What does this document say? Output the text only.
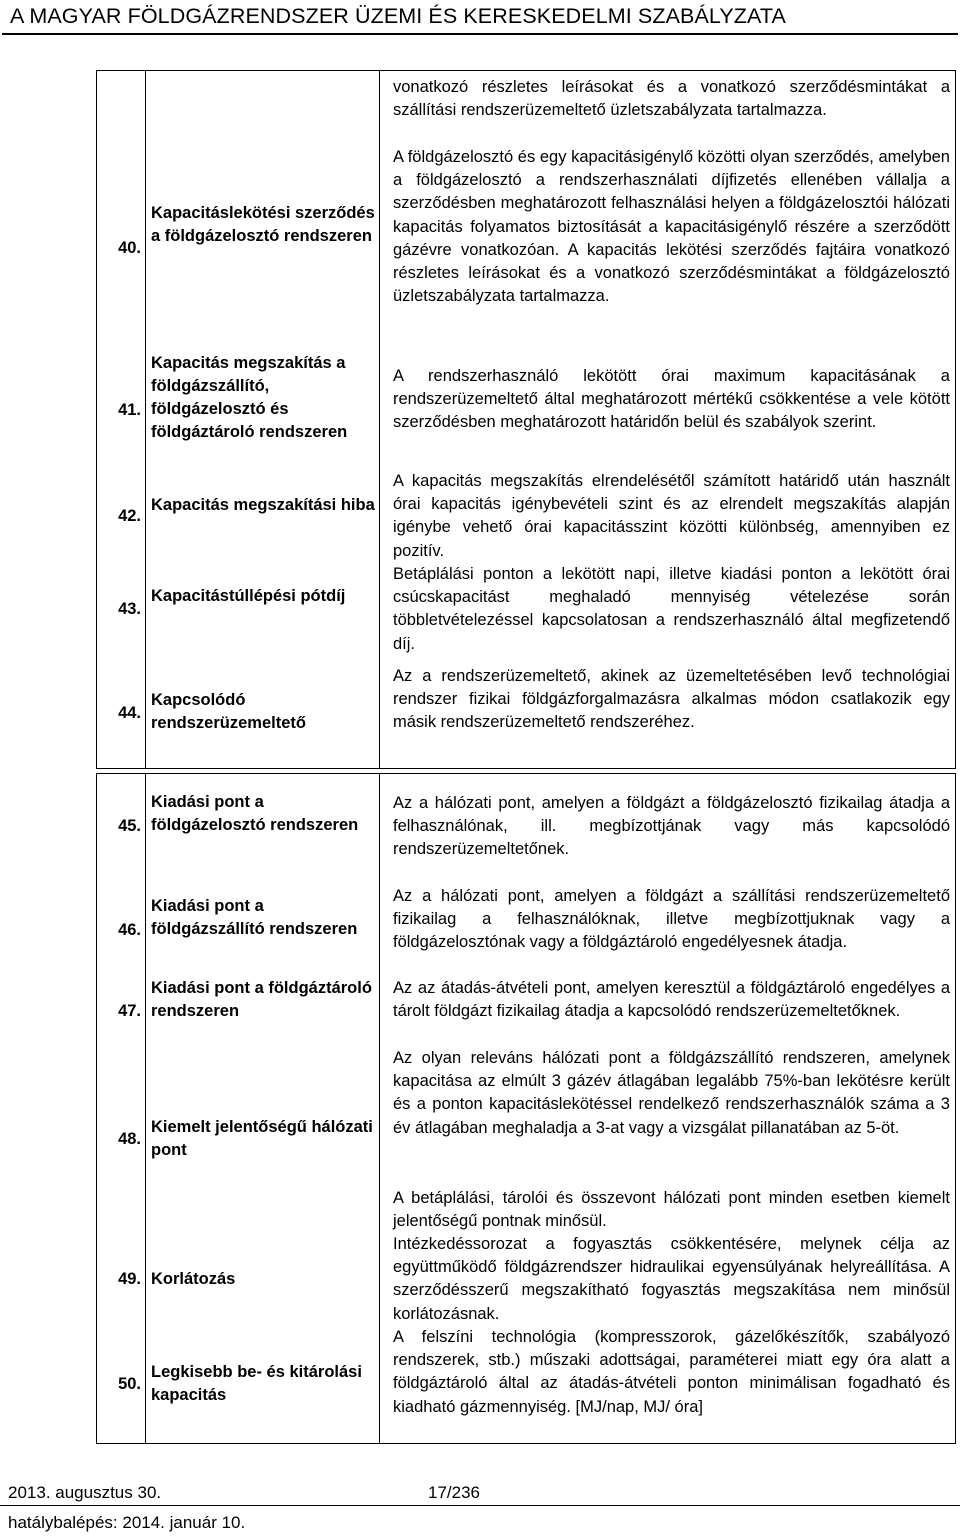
A MAGYAR FÖLDGÁZRENDSZER ÜZEMI ÉS KERESKEDELMI SZABÁLYZATA

vonatkozó részletes leírásokat és a vonatkozó szerződésmintákat a szállítási rendszerüzemeltető üzletszabályzata tartalmazza.

40.
Kapacitáslekötési szerződés a földgázelosztó rendszeren
A földgázelosztó és egy kapacitásigénylő közötti olyan szerződés, amelyben a földgázelosztó a rendszerhasználati díjfizetés ellenében vállalja a szerződésben meghatározott felhasználási helyen a földgázelosztói hálózati kapacitás folyamatos biztosítását a kapacitásigénylő részére a szerződött gázévre vonatkozóan. A kapacitás lekötési szerződés fajtáira vonatkozó részletes leírásokat és a vonatkozó szerződésmintákat a földgázelosztó üzletszabályzata tartalmazza.
41.
Kapacitás megszakítás a földgázszállító, földgázelosztó és földgáztároló rendszeren
A rendszerhasználó lekötött órai maximum kapacitásának a rendszerüzemeltető által meghatározott mértékű csökkentése a vele kötött szerződésben meghatározott határidőn belül és szabályok szerint.
42.
Kapacitás megszakítási hiba
A kapacitás megszakítás elrendelésétől számított határidő után használt órai kapacitás igénybevételi szint és az elrendelt megszakítás alapján igénybe vehető órai kapacitásszint közötti különbség, amennyiben ez pozitív.
43.
Kapacitástúllépési pótdíj
Betáplálási ponton a lekötött napi, illetve kiadási ponton a lekötött órai csúcskapacitást meghaladó mennyiség vételezése során többletvételezéssel kapcsolatosan a rendszerhasználó által megfizetendő díj.
44.
Kapcsolódó rendszerüzemeltető
Az a rendszerüzemeltető, akinek az üzemeltetésében levő technológiai rendszer fizikai földgázforgalmazásra alkalmas módon csatlakozik egy másik rendszerüzemeltető rendszeréhez.
45.
Kiadási pont a földgázelosztó rendszeren
Az a hálózati pont, amelyen a földgázt a földgázelosztó fizikailag átadja a felhasználónak, ill. megbízottjának vagy más kapcsolódó rendszerüzemeltetőnek.
46.
Kiadási pont a földgázszállító rendszeren
Az a hálózati pont, amelyen a földgázt a szállítási rendszerüzemeltető fizikailag a felhasználóknak, illetve megbízottjuknak vagy a földgázelosztónak vagy a földgáztároló engedélyesnek átadja.
47.
Kiadási pont a földgáztároló rendszeren
Az az átadás-átvételi pont, amelyen keresztül a földgáztároló engedélyes a tárolt földgázt fizikailag átadja a kapcsolódó rendszerüzemeltetőknek.
48.
Kiemelt jelentőségű hálózati pont
Az olyan releváns hálózati pont a földgázszállító rendszeren, amelynek kapacitása az elmúlt 3 gázév átlagában legalább 75%-ban lekötésre került és a ponton kapacitáslekötéssel rendelkező rendszerhasználók száma a 3 év átlagában meghaladja a 3-at vagy a vizsgálat pillanatában az 5-öt.
A betáplálási, tárolói és összevont hálózati pont minden esetben kiemelt jelentőségű pontnak minősül.
49. Korlátozás
Intézkedéssorozat a fogyasztás csökkentésére, melynek célja az együttműködő földgázrendszer hidraulikai egyensúlyának helyreállítása. A szerződésszerű megszakítható fogyasztás megszakítása nem minősül korlátozásnak.
50.
Legkisebb be- és kitárolási kapacitás
A felszíni technológia (kompresszorok, gázelőkészítők, szabályozó rendszerek, stb.) műszaki adottságai, paraméterei miatt egy óra alatt a földgáztároló által az átadás-átvételi ponton minimálisan fogadható és kiadható gázmennyiség. [MJ/nap, MJ/ óra]
2013. augusztus 30.	17/236
hatálybalépés: 2014. január 10.
